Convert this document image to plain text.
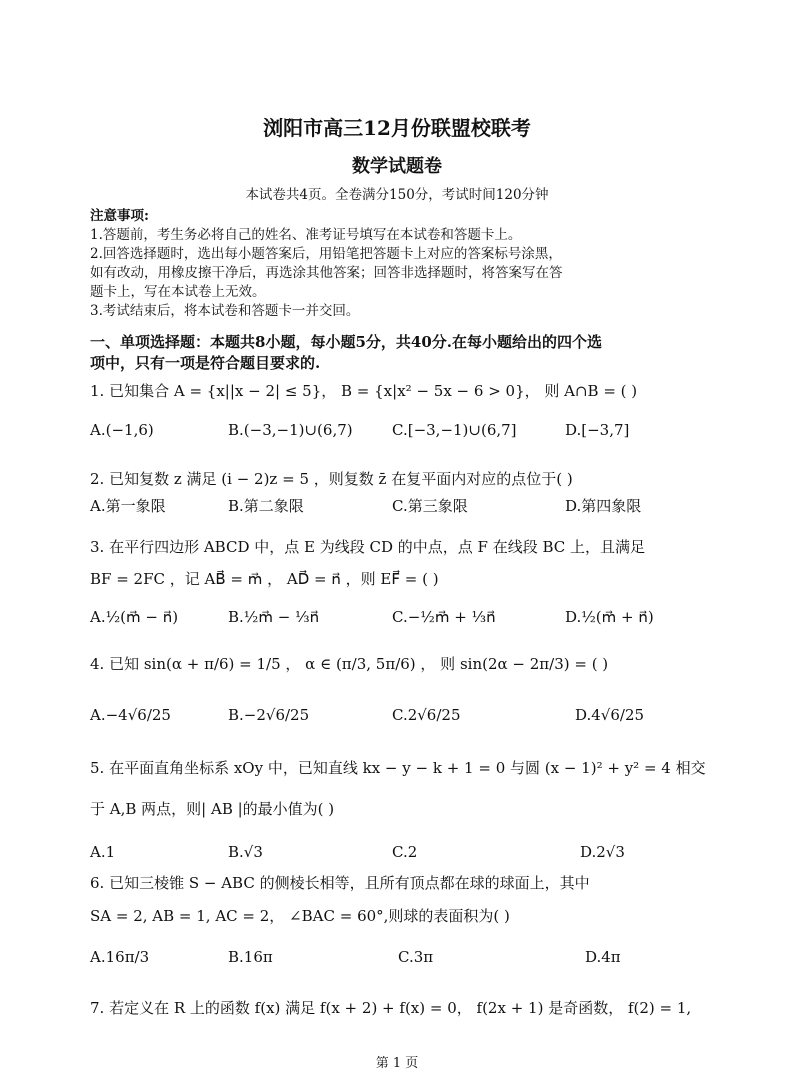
浏阳市高三12月份联盟校联考
数学试题卷
本试卷共4页。全卷满分150分，考试时间120分钟
注意事项:
1.答题前，考生务必将自己的姓名、准考证号填写在本试卷和答题卡上。
2.回答选择题时，选出每小题答案后，用铅笔把答题卡上对应的答案标号涂黑，
如有改动，用橡皮擦干净后，再选涂其他答案；回答非选择题时，将答案写在答
题卡上，写在本试卷上无效。
3.考试结束后，将本试卷和答题卡一并交回。
一、单项选择题：本题共8小题，每小题5分，共40分.在每小题给出的四个选
项中，只有一项是符合题目要求的.
1. 已知集合 A = {x||x − 2| ≤ 5}， B = {x|x² − 5x − 6 > 0}， 则 A∩B = ( )
A.(−1,6)	B.(−3,−1)∪(6,7)	C.[−3,−1)∪(6,7]	D.[−3,7]
2. 已知复数 z 满足 (i − 2)z = 5 ，则复数 z̄ 在复平面内对应的点位于( )
A.第一象限	B.第二象限	C.第三象限	D.第四象限
3. 在平行四边形 ABCD 中，点 E 为线段 CD 的中点，点 F 在线段 BC 上，且满足
BF = 2FC ，记 AB⃗ = m⃗ ， AD⃗ = n⃗ ，则 EF⃗ = ( )
A.½(m⃗ − n⃗)	B.½m⃗ − ⅓n⃗	C.−½m⃗ + ⅓n⃗	D.½(m⃗ + n⃗)
4. 已知 sin(α + π/6) = 1/5 ， α ∈ (π/3, 5π/6) ， 则 sin(2α − 2π/3) = ( )
A.−4√6/25	B.−2√6/25	C.2√6/25	D.4√6/25
5. 在平面直角坐标系 xOy 中，已知直线 kx − y − k + 1 = 0 与圆 (x − 1)² + y² = 4 相交
于 A,B 两点，则| AB |的最小值为( )
A.1	B.√3	C.2	D.2√3
6. 已知三棱锥 S − ABC 的侧棱长相等，且所有顶点都在球的球面上，其中
SA = 2, AB = 1, AC = 2， ∠BAC = 60°,则球的表面积为( )
A.16π/3	B.16π	C.3π	D.4π
7. 若定义在 R 上的函数 f(x) 满足 f(x + 2) + f(x) = 0， f(2x + 1) 是奇函数， f(2) = 1,
第 1 页
